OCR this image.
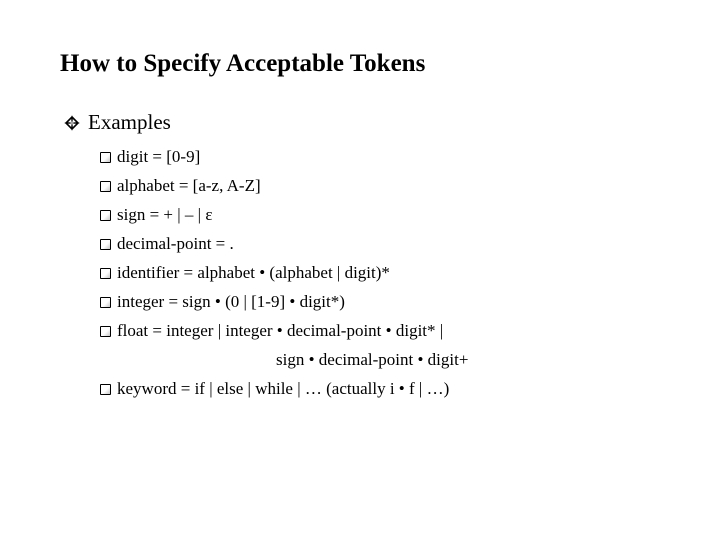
How to Specify Acceptable Tokens
Examples
digit = [0-9]
alphabet = [a-z, A-Z]
sign = + | – | ε
decimal-point = .
identifier = alphabet • (alphabet | digit)*
integer = sign • (0 | [1-9] • digit*)
float = integer | integer • decimal-point • digit* |
sign • decimal-point • digit+
keyword = if | else | while | … (actually i • f | …)
